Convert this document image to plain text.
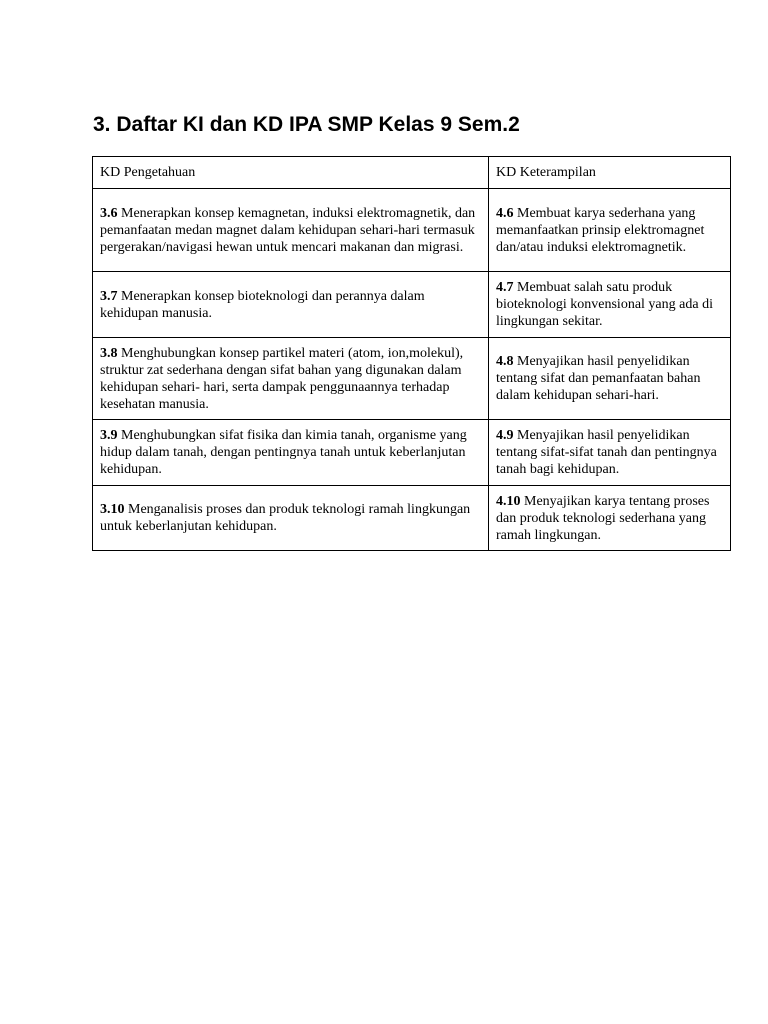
3. Daftar KI dan KD IPA SMP Kelas 9 Sem.2
KD Pengetahuan	KD Keterampilan
3.6 Menerapkan konsep kemagnetan, induksi elektromagnetik, dan pemanfaatan medan magnet dalam kehidupan sehari-hari termasuk pergerakan/navigasi hewan untuk mencari makanan dan migrasi.	4.6 Membuat karya sederhana yang memanfaatkan prinsip elektromagnet dan/atau induksi elektromagnetik.
3.7 Menerapkan konsep bioteknologi dan perannya dalam kehidupan manusia.	4.7 Membuat salah satu produk bioteknologi konvensional yang ada di lingkungan sekitar.
3.8 Menghubungkan konsep partikel materi (atom, ion,molekul), struktur zat sederhana dengan sifat bahan yang digunakan dalam kehidupan sehari- hari, serta dampak penggunaannya terhadap kesehatan manusia.	4.8 Menyajikan hasil penyelidikan tentang sifat dan pemanfaatan bahan dalam kehidupan sehari-hari.
3.9 Menghubungkan sifat fisika dan kimia tanah, organisme yang hidup dalam tanah, dengan pentingnya tanah untuk keberlanjutan kehidupan.	4.9 Menyajikan hasil penyelidikan tentang sifat-sifat tanah dan pentingnya tanah bagi kehidupan.
3.10 Menganalisis proses dan produk teknologi ramah lingkungan untuk keberlanjutan kehidupan.	4.10 Menyajikan karya tentang proses dan produk teknologi sederhana yang ramah lingkungan.
